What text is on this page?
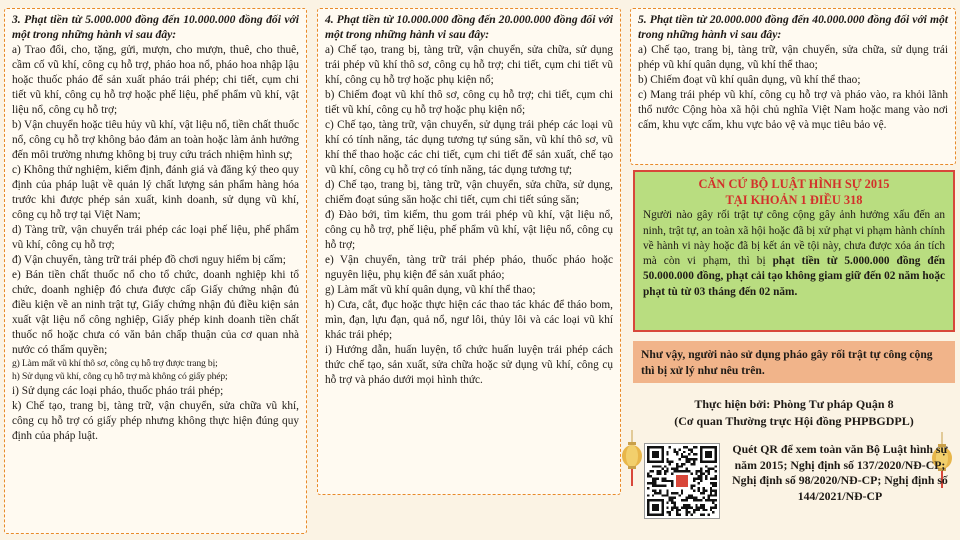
3. Phạt tiền từ 5.000.000 đồng đến 10.000.000 đồng đối với một trong những hành vi sau đây:

a) Trao đổi, cho, tặng, gửi, mượn, cho mượn, thuê, cho thuê, cầm cố vũ khí, công cụ hỗ trợ, pháo hoa nổ, pháo hoa nhập lậu hoặc thuốc pháo để sản xuất pháo trái phép; chi tiết, cụm chi tiết vũ khí, công cụ hỗ trợ hoặc phế liệu, phế phẩm vũ khí, vật liệu nổ, công cụ hỗ trợ;

b) Vận chuyển hoặc tiêu hủy vũ khí, vật liệu nổ, tiền chất thuốc nổ, công cụ hỗ trợ không bảo đảm an toàn hoặc làm ảnh hưởng đến môi trường nhưng không bị truy cứu trách nhiệm hình sự;

c) Không thử nghiệm, kiểm định, đánh giá và đăng ký theo quy định của pháp luật về quản lý chất lượng sản phẩm hàng hóa trước khi được phép sản xuất, kinh doanh, sử dụng vũ khí, công cụ hỗ trợ tại Việt Nam;

d) Tàng trữ, vận chuyển trái phép các loại phế liệu, phế phẩm vũ khí, công cụ hỗ trợ;

đ) Vận chuyển, tàng trữ trái phép đồ chơi nguy hiểm bị cấm;

e) Bán tiền chất thuốc nổ cho tổ chức, doanh nghiệp khi tổ chức, doanh nghiệp đó chưa được cấp Giấy chứng nhận đủ điều kiện về an ninh trật tự, Giấy chứng nhận đủ điều kiện sản xuất vật liệu nổ công nghiệp, Giấy phép kinh doanh tiền chất thuốc nổ hoặc chưa có văn bản chấp thuận của cơ quan nhà nước có thẩm quyền;

g) Làm mất vũ khí thô sơ, công cụ hỗ trợ được trang bị;

h) Sử dụng vũ khí, công cụ hỗ trợ mà không có giấy phép;

i) Sử dụng các loại pháo, thuốc pháo trái phép;

k) Chế tạo, trang bị, tàng trữ, vận chuyển, sửa chữa vũ khí, công cụ hỗ trợ có giấy phép nhưng không thực hiện đúng quy định của pháp luật.

4. Phạt tiền từ 10.000.000 đồng đến 20.000.000 đồng đối với một trong những hành vi sau đây:

a) Chế tạo, trang bị, tàng trữ, vận chuyển, sửa chữa, sử dụng trái phép vũ khí thô sơ, công cụ hỗ trợ; chi tiết, cụm chi tiết vũ khí, công cụ hỗ trợ hoặc phụ kiện nổ;

b) Chiếm đoạt vũ khí thô sơ, công cụ hỗ trợ; chi tiết, cụm chi tiết vũ khí, công cụ hỗ trợ hoặc phụ kiện nổ;

c) Chế tạo, tàng trữ, vận chuyển, sử dụng trái phép các loại vũ khí có tính năng, tác dụng tương tự súng săn, vũ khí thô sơ, vũ khí thể thao hoặc các chi tiết, cụm chi tiết để sản xuất, chế tạo vũ khí, công cụ hỗ trợ có tính năng, tác dụng tương tự;

d) Chế tạo, trang bị, tàng trữ, vận chuyển, sửa chữa, sử dụng, chiếm đoạt súng săn hoặc chi tiết, cụm chi tiết súng săn;

đ) Đào bới, tìm kiếm, thu gom trái phép vũ khí, vật liệu nổ, công cụ hỗ trợ, phế liệu, phế phẩm vũ khí, vật liệu nổ, công cụ hỗ trợ;

e) Vận chuyển, tàng trữ trái phép pháo, thuốc pháo hoặc nguyên liệu, phụ kiện để sản xuất pháo;

g) Làm mất vũ khí quân dụng, vũ khí thể thao;

h) Cưa, cắt, đục hoặc thực hiện các thao tác khác để tháo bom, mìn, đạn, lựu đạn, quả nổ, ngư lôi, thủy lôi và các loại vũ khí khác trái phép;

i) Hướng dẫn, huấn luyện, tổ chức huấn luyện trái phép cách thức chế tạo, sản xuất, sửa chữa hoặc sử dụng vũ khí, công cụ hỗ trợ và pháo dưới mọi hình thức.

5. Phạt tiền từ 20.000.000 đồng đến 40.000.000 đồng đối với một trong những hành vi sau đây:

a) Chế tạo, trang bị, tàng trữ, vận chuyển, sửa chữa, sử dụng trái phép vũ khí quân dụng, vũ khí thể thao;

b) Chiếm đoạt vũ khí quân dụng, vũ khí thể thao;

c) Mang trái phép vũ khí, công cụ hỗ trợ và pháo vào, ra khỏi lãnh thổ nước Cộng hòa xã hội chủ nghĩa Việt Nam hoặc mang vào nơi cấm, khu vực cấm, khu vực bảo vệ và mục tiêu bảo vệ.

CĂN CỨ BỘ LUẬT HÌNH SỰ 2015
TẠI KHOẢN 1 ĐIỀU 318
Người nào gây rối trật tự công cộng gây ảnh hưởng xấu đến an ninh, trật tự, an toàn xã hội hoặc đã bị xử phạt vi phạm hành chính về hành vi này hoặc đã bị kết án về tội này, chưa được xóa án tích mà còn vi phạm, thì bị phạt tiền từ 5.000.000 đồng đến 50.000.000 đồng, phạt cải tạo không giam giữ đến 02 năm hoặc phạt tù từ 03 tháng đến 02 năm.
Như vậy, người nào sử dụng pháo gây rối trật tự công cộng thì bị xử lý như nêu trên.
Thực hiện bởi: Phòng Tư pháp Quận 8
(Cơ quan Thường trực Hội đồng PHPBGDPL)
Quét QR để xem toàn văn Bộ Luật hình sự năm 2015; Nghị định số 137/2020/NĐ-CP; Nghị định số 98/2020/NĐ-CP; Nghị định số 144/2021/NĐ-CP
